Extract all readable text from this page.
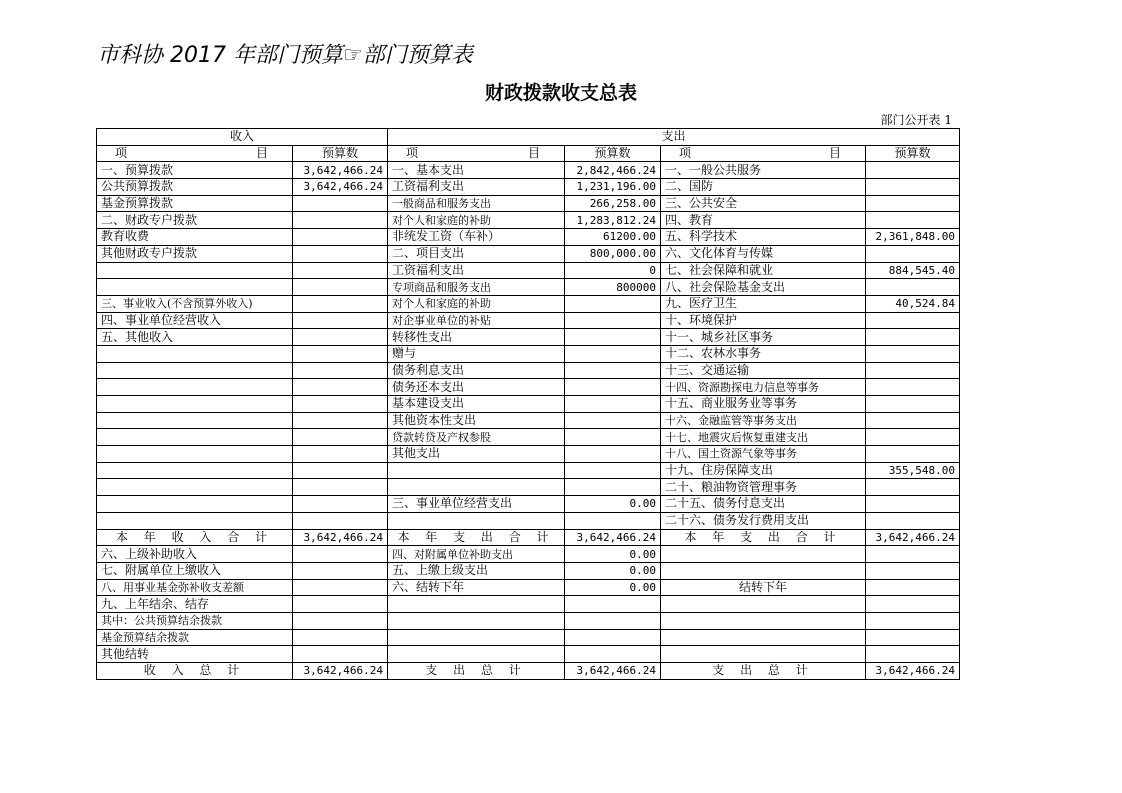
市科协 2017 年部门预算☞部门预算表
财政拨款收支总表
部门公开表 1
收入		支出			

项 目	预算数	项 目	预算数	项 目	预算数
一、预算拨款	3,642,466.24	一、基本支出	2,842,466.24	一、一般公共服务	
公共预算拨款	3,642,466.24	工资福利支出	1,231,196.00	二、国防	
基金预算拨款		一般商品和服务支出	266,258.00	三、公共安全	
二、财政专户拨款		对个人和家庭的补助	1,283,812.24	四、教育	
教育收费		非统发工资（车补）	61200.00	五、科学技术	2,361,848.00
其他财政专户拨款		二、项目支出	800,000.00	六、文化体育与传媒	
		工资福利支出	0	七、社会保障和就业	884,545.40
		专项商品和服务支出	800000	八、社会保险基金支出	
三、事业收入(不含预算外收入)		对个人和家庭的补助		九、医疗卫生	40,524.84
四、事业单位经营收入		对企事业单位的补贴		十、环境保护	
五、其他收入		转移性支出		十一、城乡社区事务	
		赠与		十二、农林水事务	
		债务利息支出		十三、交通运输	
		债务还本支出		十四、资源勘探电力信息等事务	
		基本建设支出		十五、商业服务业等事务	
		其他资本性支出		十六、金融监管等事务支出	
		贷款转贷及产权参股		十七、地震灾后恢复重建支出	
		其他支出		十八、国土资源气象等事务	
				十九、住房保障支出	355,548.00
				二十、粮油物资管理事务	
		三、事业单位经营支出	0.00	二十五、债务付息支出	
				二十六、债务发行费用支出	
本 年 收 入 合 计	3,642,466.24	本 年 支 出 合 计	3,642,466.24	本 年 支 出 合 计	3,642,466.24
六、上级补助收入		四、对附属单位补助支出	0.00		
七、附属单位上缴收入		五、上缴上级支出	0.00		
八、用事业基金弥补收支差额		六、结转下年	0.00	结转下年	
九、上年结余、结存					
其中：公共预算结余拨款					
基金预算结余拨款					
其他结转					
收 入 总 计	3,642,466.24	支 出 总 计	3,642,466.24	支 出 总 计	3,642,466.24
